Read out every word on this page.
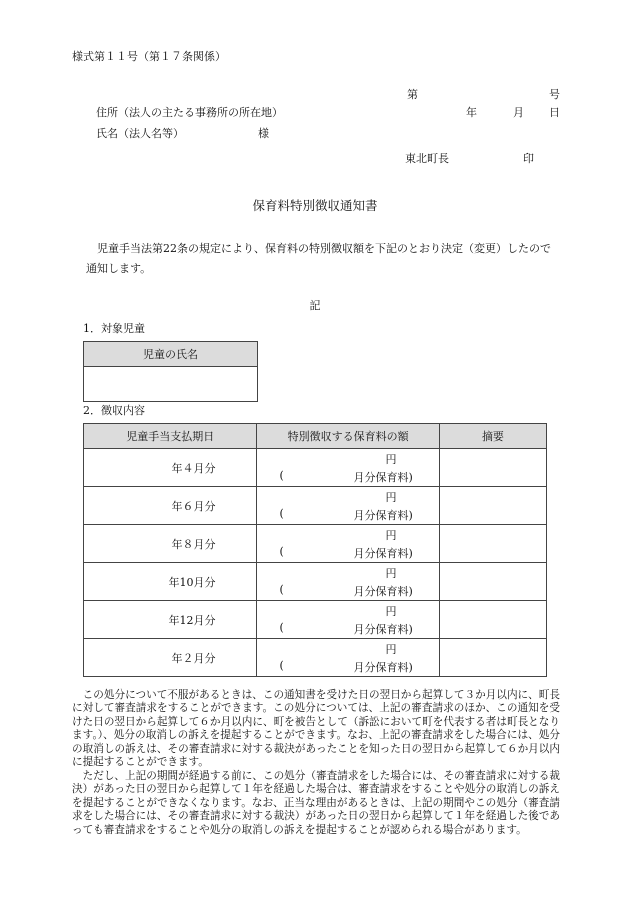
様式第１１号（第１７条関係）
第	号
住所（法人の主たる事務所の所在地）	年	月 日
氏名（法人名等）	様
東北町長	印
保育料特別徴収通知書
児童手当法第22条の規定により、保育料の特別徴収額を下記のとおり決定（変更）したので通知します。
記
1．対象児童
児童の氏名

2．徴収内容
児童手当支払期日	特別徴収する保育料の額	摘要

年４月分	円
( 月分保育料)	

年６月分	円
( 月分保育料)	

年８月分	円
( 月分保育料)	

年10月分	円
( 月分保育料)	

年12月分	円
( 月分保育料)	

年２月分	円
( 月分保育料)	

　この処分について不服があるときは、この通知書を受けた日の翌日から起算して３か月以内に、町長に対して審査請求をすることができます。この処分については、上記の審査請求のほか、この通知を受けた日の翌日から起算して６か月以内に、町を被告として（訴訟において町を代表する者は町長となります。）、処分の取消しの訴えを提起することができます。なお、上記の審査請求をした場合には、処分の取消しの訴えは、その審査請求に対する裁決があったことを知った日の翌日から起算して６か月以内に提起することができます。
　ただし、上記の期間が経過する前に、この処分（審査請求をした場合には、その審査請求に対する裁決）があった日の翌日から起算して１年を経過した場合は、審査請求をすることや処分の取消しの訴えを提起することができなくなります。なお、正当な理由があるときは、上記の期間やこの処分（審査請求をした場合には、その審査請求に対する裁決）があった日の翌日から起算して１年を経過した後であっても審査請求をすることや処分の取消しの訴えを提起することが認められる場合があります。
